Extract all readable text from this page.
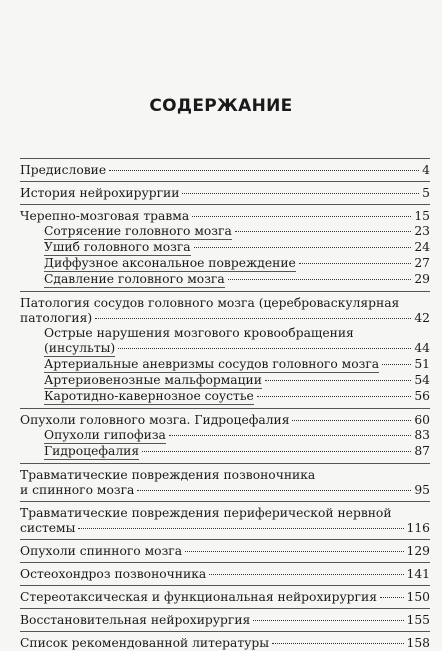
СОДЕРЖАНИЕ
Предисловие	4
История нейрохирургии	5
Черепно-мозговая травма	15
Сотрясение головного мозга	23
Ушиб головного мозга	24
Диффузное аксональное повреждение	27
Сдавление головного мозга	29
Патология сосудов головного мозга (цереброваскулярная
патология)	42
Острые нарушения мозгового кровообращения
(инсульты)	44
Артериальные аневризмы сосудов головного мозга	51
Артериовенозные мальформации	54
Каротидно-кавернозное соустье	56
Опухоли головного мозга. Гидроцефалия	60
Опухоли гипофиза	83
Гидроцефалия	87
Травматические повреждения позвоночника
и спинного мозга	95
Травматические повреждения периферической нервной
системы	116
Опухоли спинного мозга	129
Остеохондроз позвоночника	141
Стереотаксическая и функциональная нейрохирургия 150
Восстановительная нейрохирургия	155
Список рекомендованной литературы	158
